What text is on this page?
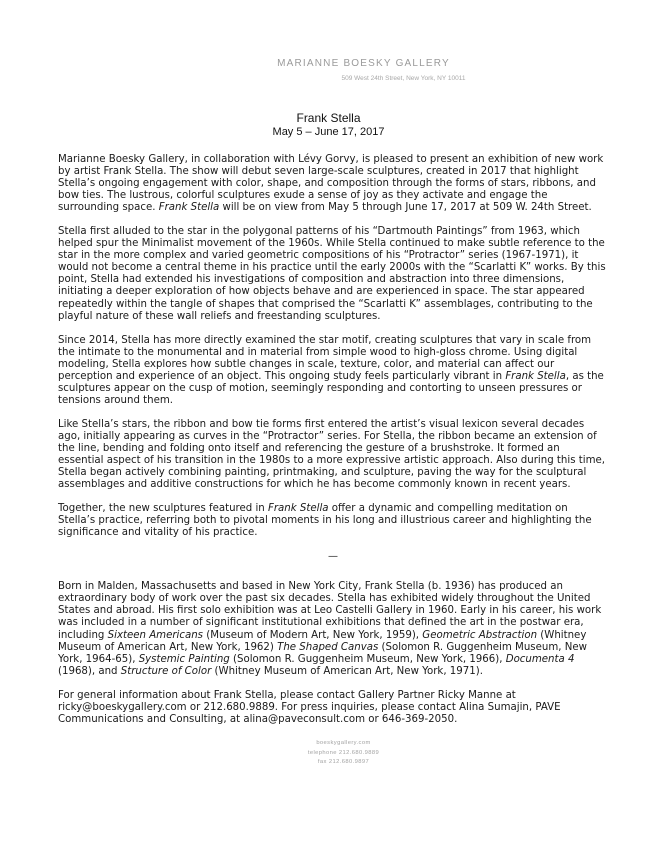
MARIANNE BOESKY GALLERY
509 West 24th Street, New York, NY 10011
Frank Stella
May 5 – June 17, 2017

Marianne Boesky Gallery, in collaboration with Lévy Gorvy, is pleased to present an exhibition of new work by artist Frank Stella. The show will debut seven large-scale sculptures, created in 2017 that highlight Stella’s ongoing engagement with color, shape, and composition through the forms of stars, ribbons, and bow ties. The lustrous, colorful sculptures exude a sense of joy as they activate and engage the surrounding space. Frank Stella will be on view from May 5 through June 17, 2017 at 509 W. 24th Street.

Stella first alluded to the star in the polygonal patterns of his “Dartmouth Paintings” from 1963, which helped spur the Minimalist movement of the 1960s. While Stella continued to make subtle reference to the star in the more complex and varied geometric compositions of his “Protractor” series (1967-1971), it would not become a central theme in his practice until the early 2000s with the “Scarlatti K” works. By this point, Stella had extended his investigations of composition and abstraction into three dimensions, initiating a deeper exploration of how objects behave and are experienced in space. The star appeared repeatedly within the tangle of shapes that comprised the “Scarlatti K” assemblages, contributing to the playful nature of these wall reliefs and freestanding sculptures.

Since 2014, Stella has more directly examined the star motif, creating sculptures that vary in scale from the intimate to the monumental and in material from simple wood to high-gloss chrome. Using digital modeling, Stella explores how subtle changes in scale, texture, color, and material can affect our perception and experience of an object. This ongoing study feels particularly vibrant in Frank Stella, as the sculptures appear on the cusp of motion, seemingly responding and contorting to unseen pressures or tensions around them.

Like Stella’s stars, the ribbon and bow tie forms first entered the artist’s visual lexicon several decades ago, initially appearing as curves in the “Protractor” series. For Stella, the ribbon became an extension of the line, bending and folding onto itself and referencing the gesture of a brushstroke. It formed an essential aspect of his transition in the 1980s to a more expressive artistic approach. Also during this time, Stella began actively combining painting, printmaking, and sculpture, paving the way for the sculptural assemblages and additive constructions for which he has become commonly known in recent years.

Together, the new sculptures featured in Frank Stella offer a dynamic and compelling meditation on Stella’s practice, referring both to pivotal moments in his long and illustrious career and highlighting the significance and vitality of his practice.

—

Born in Malden, Massachusetts and based in New York City, Frank Stella (b. 1936) has produced an extraordinary body of work over the past six decades. Stella has exhibited widely throughout the United States and abroad. His first solo exhibition was at Leo Castelli Gallery in 1960. Early in his career, his work was included in a number of significant institutional exhibitions that defined the art in the postwar era, including Sixteen Americans (Museum of Modern Art, New York, 1959), Geometric Abstraction (Whitney Museum of American Art, New York, 1962) The Shaped Canvas (Solomon R. Guggenheim Museum, New York, 1964-65), Systemic Painting (Solomon R. Guggenheim Museum, New York, 1966), Documenta 4 (1968), and Structure of Color (Whitney Museum of American Art, New York, 1971).

For general information about Frank Stella, please contact Gallery Partner Ricky Manne at ricky@boeskygallery.com or 212.680.9889. For press inquiries, please contact Alina Sumajin, PAVE Communications and Consulting, at alina@paveconsult.com or 646-369-2050.

boeskygallery.com
telephone 212.680.9889
fax 212.680.9897
